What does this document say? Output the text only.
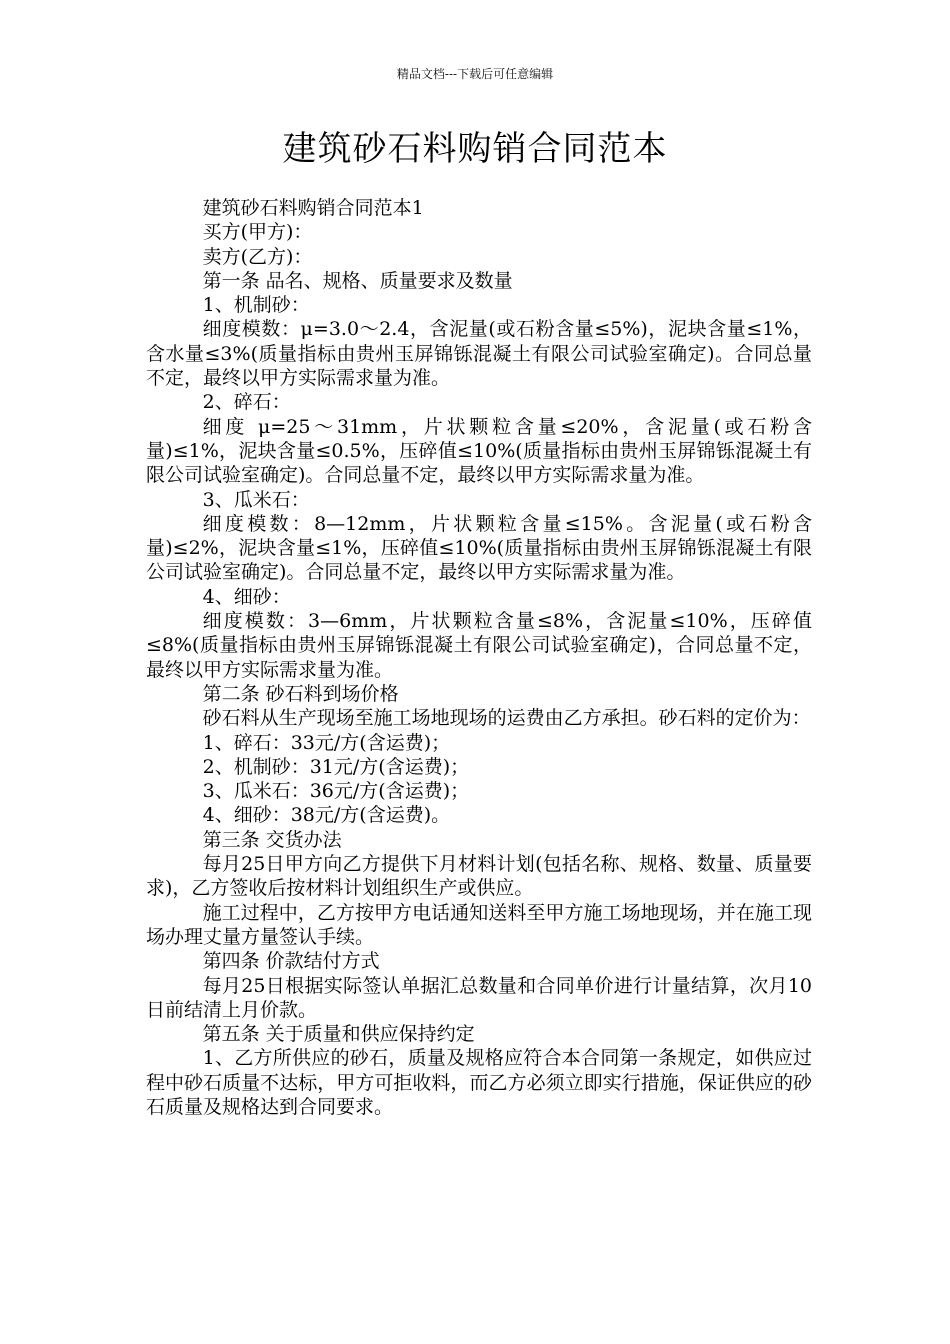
精品文档---下载后可任意编辑
建筑砂石料购销合同范本

建筑砂石料购销合同范本1

买方(甲方)：

卖方(乙方)：

第一条 品名、规格、质量要求及数量

1、机制砂：

细度模数：μ=3.0～2.4，含泥量(或石粉含量≤5%)，泥块含量≤1%，含水量≤3%(质量指标由贵州玉屏锦铄混凝土有限公司试验室确定)。合同总量不定，最终以甲方实际需求量为准。

2、碎石：

细度 μ=25～31mm，片状颗粒含量≤20%，含泥量(或石粉含量)≤1%，泥块含量≤0.5%，压碎值≤10%(质量指标由贵州玉屏锦铄混凝土有限公司试验室确定)。合同总量不定，最终以甲方实际需求量为准。

3、瓜米石：

细度模数：8—12mm，片状颗粒含量≤15%。含泥量(或石粉含量)≤2%，泥块含量≤1%，压碎值≤10%(质量指标由贵州玉屏锦铄混凝土有限公司试验室确定)。合同总量不定，最终以甲方实际需求量为准。

4、细砂：

细度模数：3—6mm，片状颗粒含量≤8%，含泥量≤10%，压碎值≤8%(质量指标由贵州玉屏锦铄混凝土有限公司试验室确定)，合同总量不定，最终以甲方实际需求量为准。

第二条 砂石料到场价格

砂石料从生产现场至施工场地现场的运费由乙方承担。砂石料的定价为：

1、碎石：33元/方(含运费)；

2、机制砂：31元/方(含运费)；

3、瓜米石：36元/方(含运费)；

4、细砂：38元/方(含运费)。

第三条 交货办法

每月25日甲方向乙方提供下月材料计划(包括名称、规格、数量、质量要求)，乙方签收后按材料计划组织生产或供应。

施工过程中，乙方按甲方电话通知送料至甲方施工场地现场，并在施工现场办理丈量方量签认手续。

第四条 价款结付方式

每月25日根据实际签认单据汇总数量和合同单价进行计量结算，次月10日前结清上月价款。

第五条 关于质量和供应保持约定

1、乙方所供应的砂石，质量及规格应符合本合同第一条规定，如供应过程中砂石质量不达标，甲方可拒收料，而乙方必须立即实行措施，保证供应的砂石质量及规格达到合同要求。
